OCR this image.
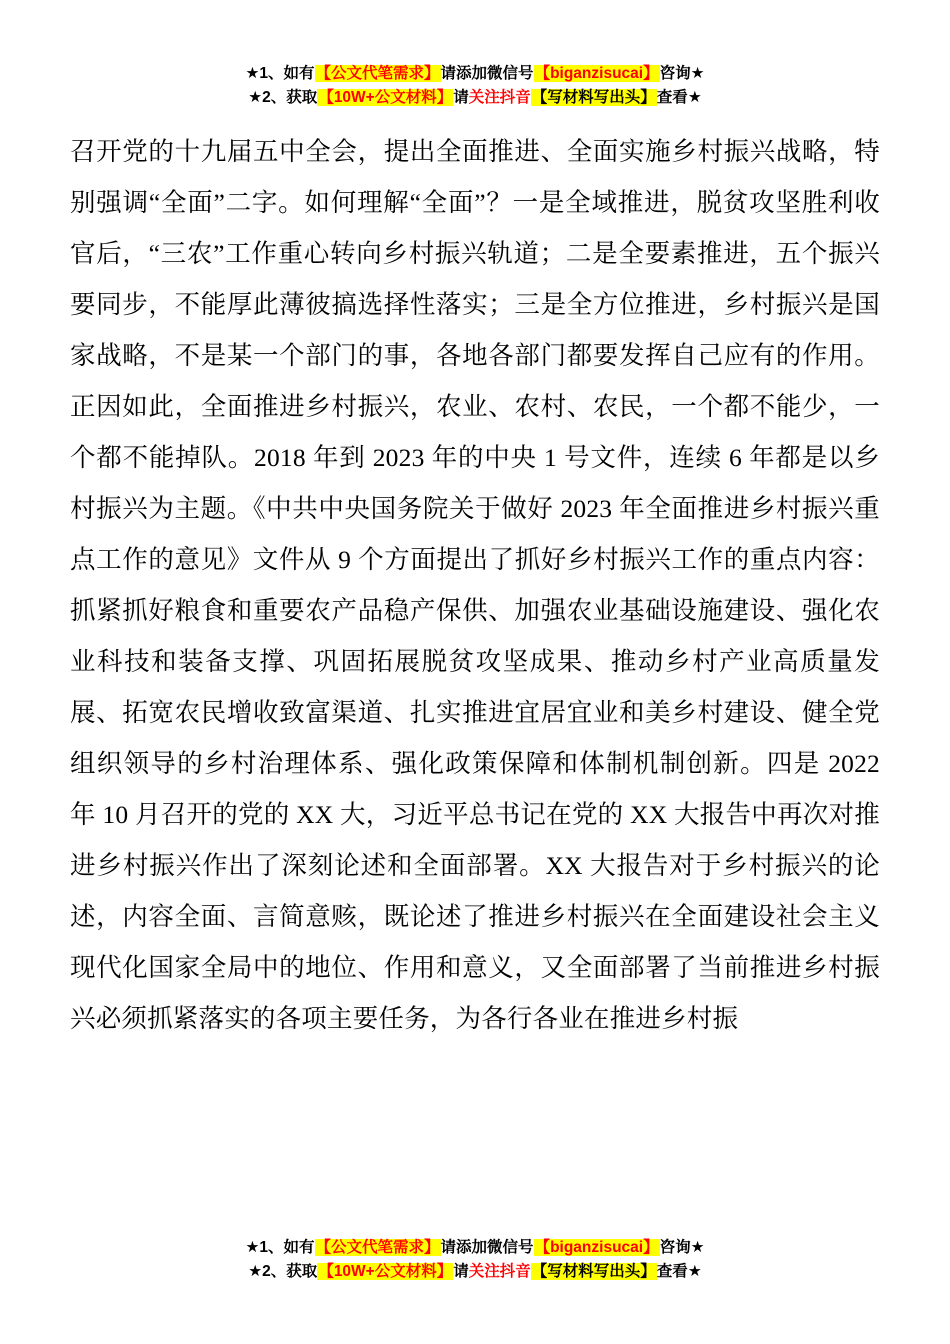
★1、如有【公文代笔需求】请添加微信号【biganzisucai】咨询★
★2、获取【10W+公文材料】请关注抖音【写材料写出头】查看★

召开党的十九届五中全会，提出全面推进、全面实施乡村振兴战略，特别强调“全面”二字。如何理解“全面”？一是全域推进，脱贫攻坚胜利收官后，“三农”工作重心转向乡村振兴轨道；二是全要素推进，五个振兴要同步，不能厚此薄彼搞选择性落实；三是全方位推进，乡村振兴是国家战略，不是某一个部门的事，各地各部门都要发挥自己应有的作用。正因如此，全面推进乡村振兴，农业、农村、农民，一个都不能少，一个都不能掉队。2018 年到 2023 年的中央 1 号文件，连续 6 年都是以乡村振兴为主题。《中共中央国务院关于做好 2023 年全面推进乡村振兴重点工作的意见》文件从 9 个方面提出了抓好乡村振兴工作的重点内容：抓紧抓好粮食和重要农产品稳产保供、加强农业基础设施建设、强化农业科技和装备支撑、巩固拓展脱贫攻坚成果、推动乡村产业高质量发展、拓宽农民增收致富渠道、扎实推进宜居宜业和美乡村建设、健全党组织领导的乡村治理体系、强化政策保障和体制机制创新。四是 2022 年 10 月召开的党的 XX 大，习近平总书记在党的 XX 大报告中再次对推进乡村振兴作出了深刻论述和全面部署。XX 大报告对于乡村振兴的论述，内容全面、言简意赅，既论述了推进乡村振兴在全面建设社会主义现代化国家全局中的地位、作用和意义，又全面部署了当前推进乡村振兴必须抓紧落实的各项主要任务，为各行各业在推进乡村振

★1、如有【公文代笔需求】请添加微信号【biganzisucai】咨询★
★2、获取【10W+公文材料】请关注抖音【写材料写出头】查看★
